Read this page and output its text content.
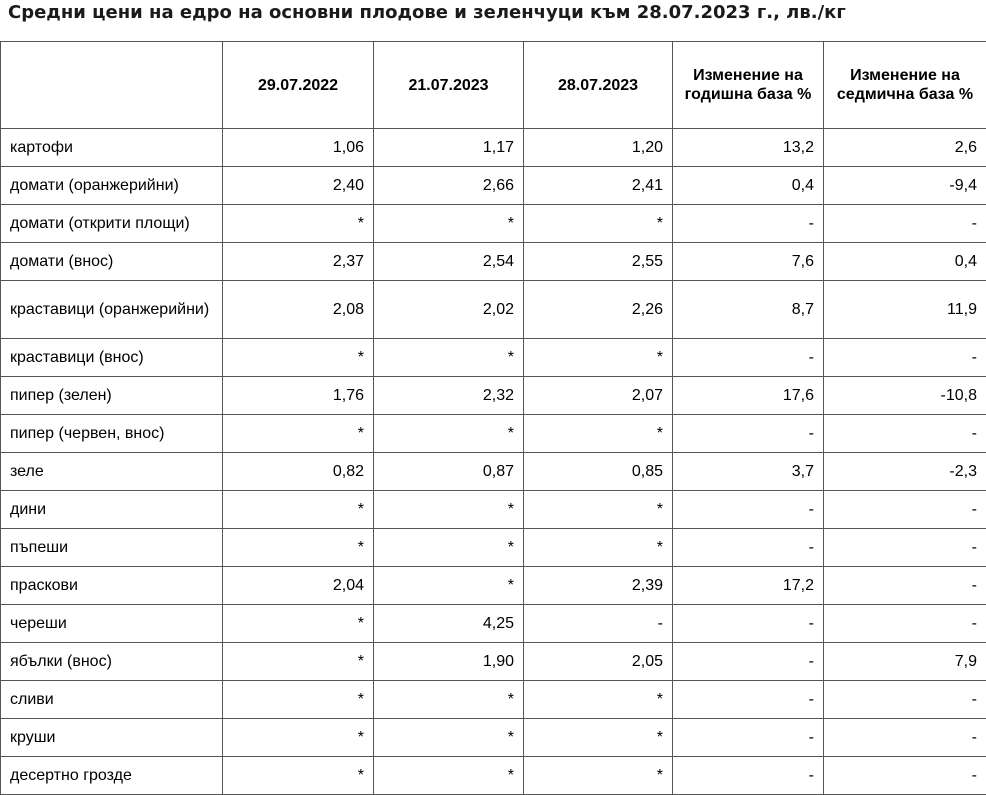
Средни цени на едро на основни плодове и зеленчуци към 28.07.2023 г., лв./кг
	29.07.2022	21.07.2023	28.07.2023	Изменение на годишна база %	Изменение на седмична база %
картофи	1,06	1,17	1,20	13,2	2,6
домати (оранжерийни)	2,40	2,66	2,41	0,4	-9,4
домати (открити площи)	*	*	*	-	-
домати (внос)	2,37	2,54	2,55	7,6	0,4
краставици (оранжерийни)	2,08	2,02	2,26	8,7	11,9
краставици (внос)	*	*	*	-	-
пипер (зелен)	1,76	2,32	2,07	17,6	-10,8
пипер (червен, внос)	*	*	*	-	-
зеле	0,82	0,87	0,85	3,7	-2,3
дини	*	*	*	-	-
пъпеши	*	*	*	-	-
праскови	2,04	*	2,39	17,2	-
череши	*	4,25	-	-	-
ябълки (внос)	*	1,90	2,05	-	7,9
сливи	*	*	*	-	-
круши	*	*	*	-	-
десертно грозде	*	*	*	-	-
